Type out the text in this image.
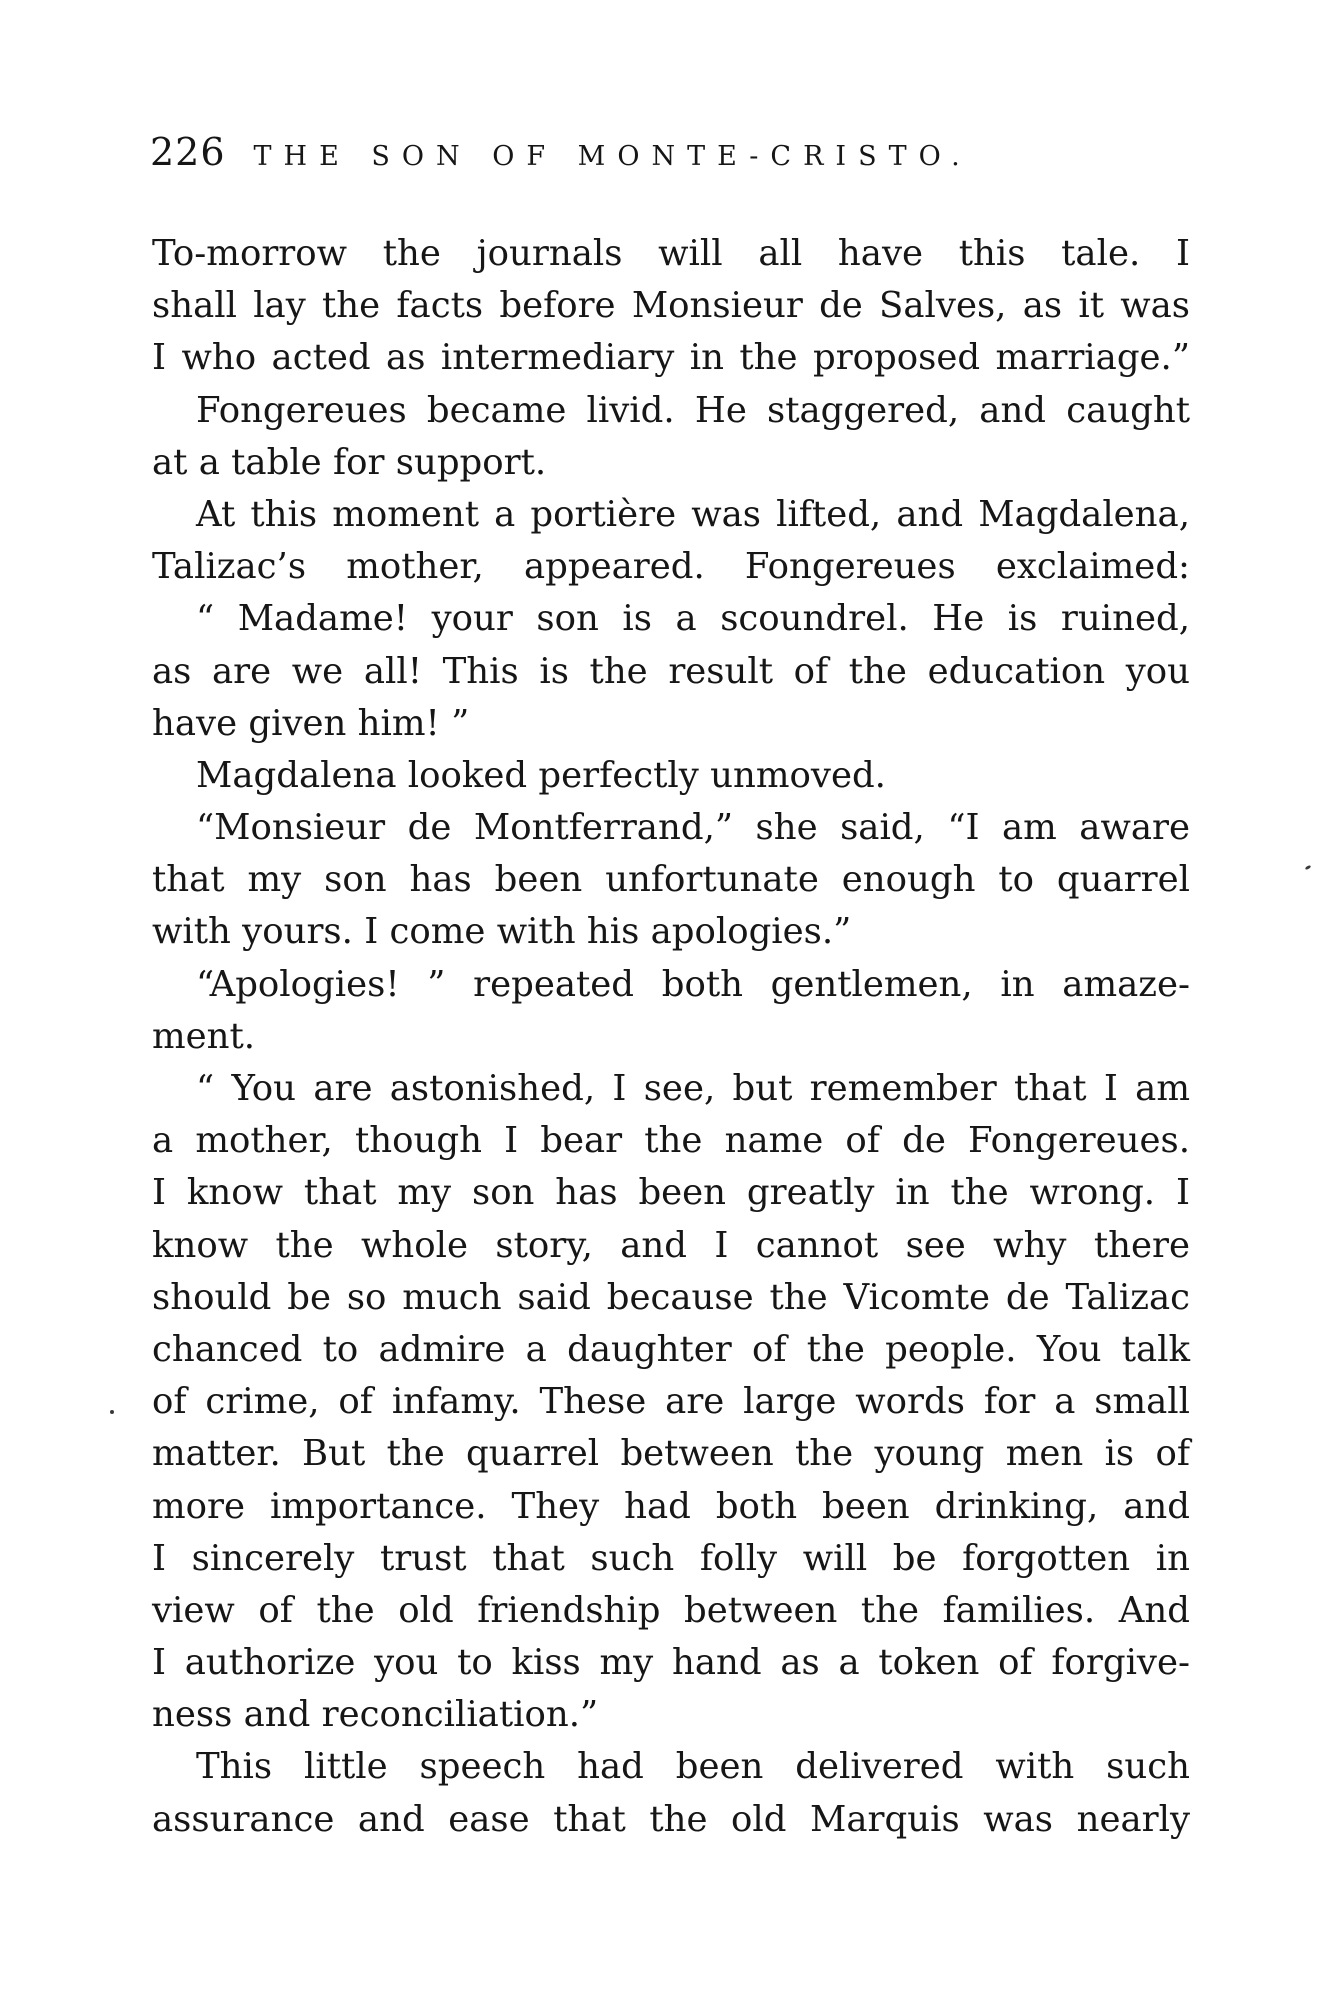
226 THE SON OF MONTE-CRISTO.
To-morrow the journals will all have this tale. I
shall lay the facts before Monsieur de Salves, as it was
I who acted as intermediary in the proposed marriage.”
Fongereues became livid. He staggered, and caught
at a table for support.
At this moment a portière was lifted, and Magdalena,
Talizac’s mother, appeared. Fongereues exclaimed:
“ Madame! your son is a scoundrel. He is ruined,
as are we all! This is the result of the education you
have given him! ”
Magdalena looked perfectly unmoved.
“Monsieur de Montferrand,” she said, “I am aware
that my son has been unfortunate enough to quarrel
with yours. I come with his apologies.”
“Apologies! ” repeated both gentlemen, in amaze-
ment.
“ You are astonished, I see, but remember that I am
a mother, though I bear the name of de Fongereues.
I know that my son has been greatly in the wrong. I
know the whole story, and I cannot see why there
should be so much said because the Vicomte de Talizac
chanced to admire a daughter of the people. You talk
of crime, of infamy. These are large words for a small
matter. But the quarrel between the young men is of
more importance. They had both been drinking, and
I sincerely trust that such folly will be forgotten in
view of the old friendship between the families. And
I authorize you to kiss my hand as a token of forgive-
ness and reconciliation.”
This little speech had been delivered with such
assurance and ease that the old Marquis was nearly
